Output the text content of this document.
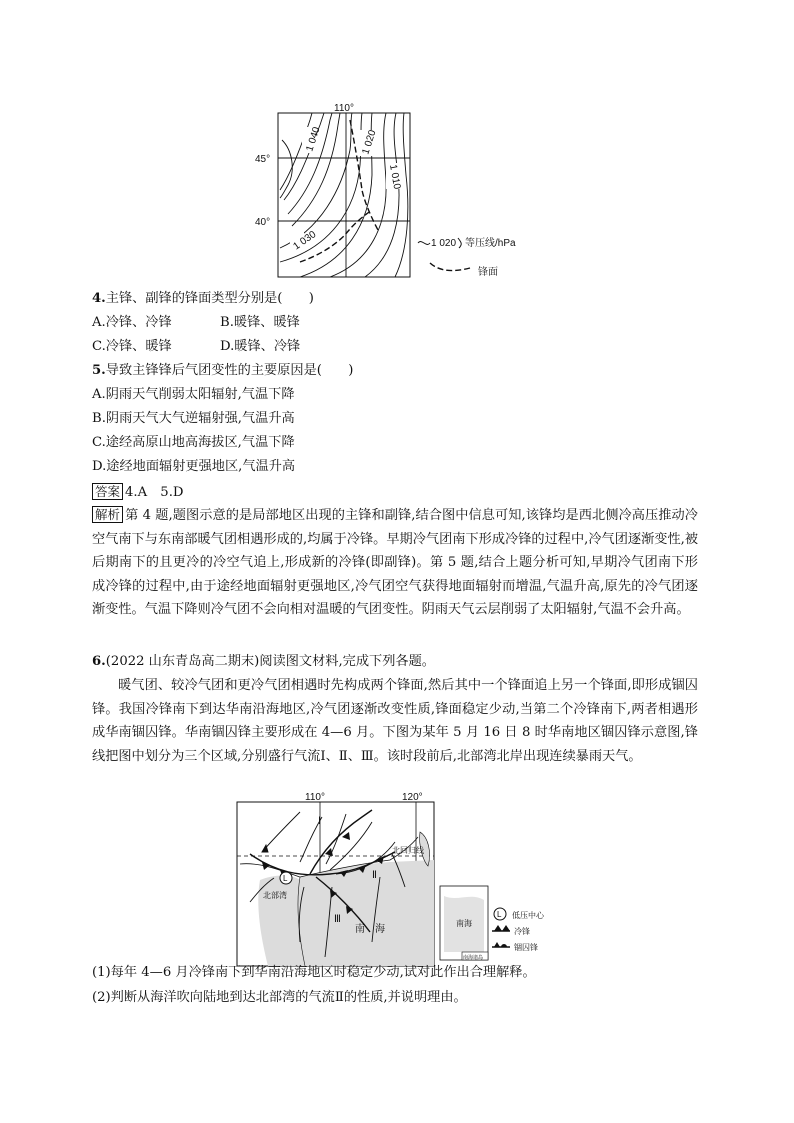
110°
45°
40°
1 040	1 020
1 010
1 030	1 020 等压线/hPa
锋面
4.主锋、副锋的锋面类型分别是(　　)
A.冷锋、冷锋	B.暖锋、暖锋
C.冷锋、暖锋	D.暖锋、冷锋
5.导致主锋锋后气团变性的主要原因是(　　)
A.阴雨天气削弱太阳辐射,气温下降
B.阴雨天气大气逆辐射强,气温升高
C.途经高原山地高海拔区,气温下降
D.途经地面辐射更强地区,气温升高
答案 4.A　5.D
解析 第 4 题,题图示意的是局部地区出现的主锋和副锋,结合图中信息可知,该锋均是西北侧冷高压推动冷空气南下与东南部暖气团相遇形成的,均属于冷锋。早期冷气团南下形成冷锋的过程中,冷气团逐渐变性,被后期南下的且更冷的冷空气追上,形成新的冷锋(即副锋)。第 5 题,结合上题分析可知,早期冷气团南下形成冷锋的过程中,由于途经地面辐射更强地区,冷气团空气获得地面辐射而增温,气温升高,原先的冷气团逐渐变性。气温下降则冷气团不会向相对温暖的气团变性。阴雨天气云层削弱了太阳辐射,气温不会升高。
6.(2022 山东青岛高二期末)阅读图文材料,完成下列各题。
暖气团、较冷气团和更冷气团相遇时先构成两个锋面,然后其中一个锋面追上另一个锋面,即形成锢囚锋。我国冷锋南下到达华南沿海地区,冷气团逐渐改变性质,锋面稳定少动,当第二个冷锋南下,两者相遇形成华南锢囚锋。华南锢囚锋主要形成在 4—6 月。下图为某年 5 月 16 日 8 时华南地区锢囚锋示意图,锋线把图中划分为三个区域,分别盛行气流Ⅰ、Ⅱ、Ⅲ。该时段前后,北部湾北岸出现连续暴雨天气。
L
110°	120°
Ⅰ
Ⅱ
Ⅲ
北回归线
北部湾
南　海
南海
南海诸岛
L 低压中心
冷锋
锢囚锋
(1)每年 4—6 月冷锋南下到华南沿海地区时稳定少动,试对此作出合理解释。
(2)判断从海洋吹向陆地到达北部湾的气流Ⅱ的性质,并说明理由。
